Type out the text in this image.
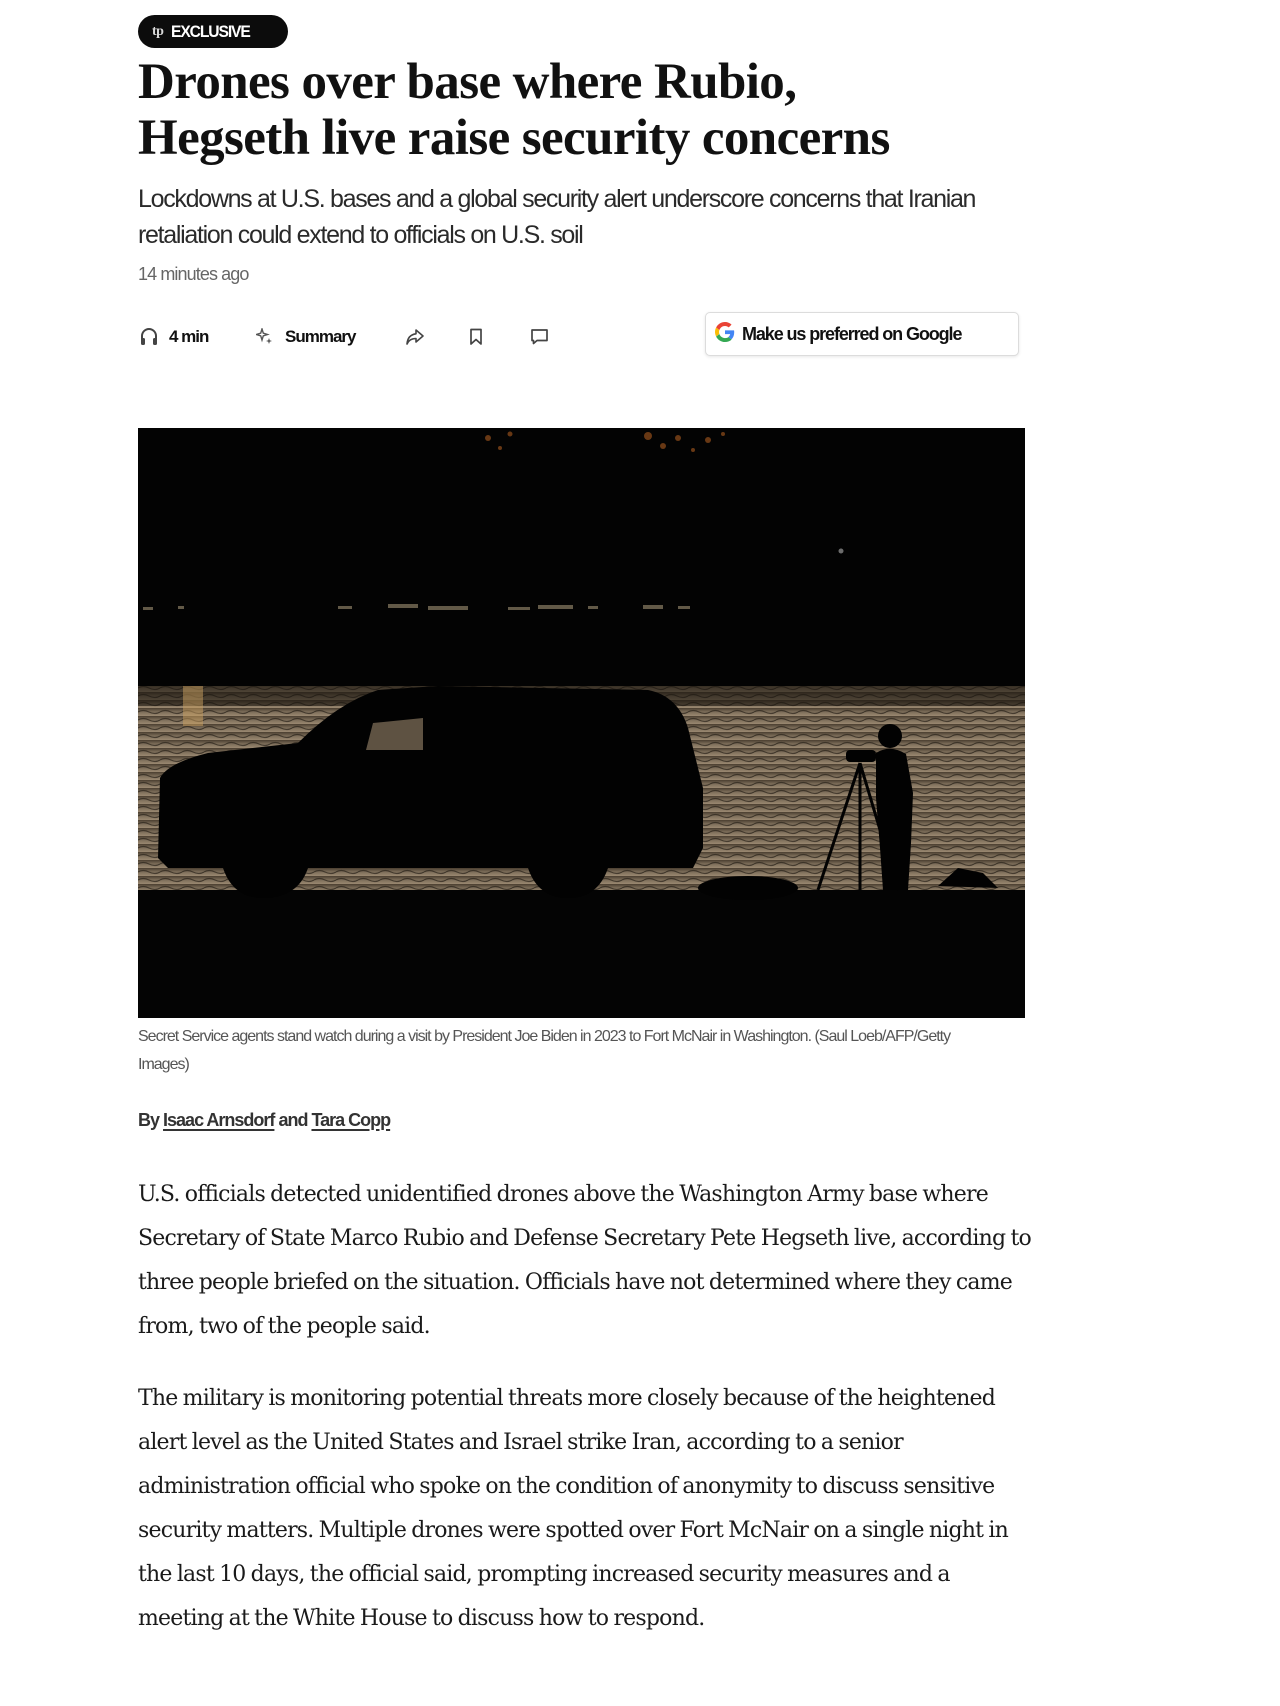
tp EXCLUSIVE
Drones over base where Rubio,
Hegseth live raise security concerns

Lockdowns at U.S. bases and a global security alert underscore concerns that Iranian retaliation could extend to officials on U.S. soil

14 minutes ago
4 min	Summary	Make us preferred on Google

Secret Service agents stand watch during a visit by President Joe Biden in 2023 to Fort McNair in Washington. (Saul Loeb/AFP/Getty Images)

By Isaac Arnsdorf and Tara Copp

U.S. officials detected unidentified drones above the Washington Army base where Secretary of State Marco Rubio and Defense Secretary Pete Hegseth live, according to three people briefed on the situation. Officials have not determined where they came from, two of the people said.

The military is monitoring potential threats more closely because of the heightened alert level as the United States and Israel strike Iran, according to a senior administration official who spoke on the condition of anonymity to discuss sensitive security matters. Multiple drones were spotted over Fort McNair on a single night in the last 10 days, the official said, prompting increased security measures and a meeting at the White House to discuss how to respond.
